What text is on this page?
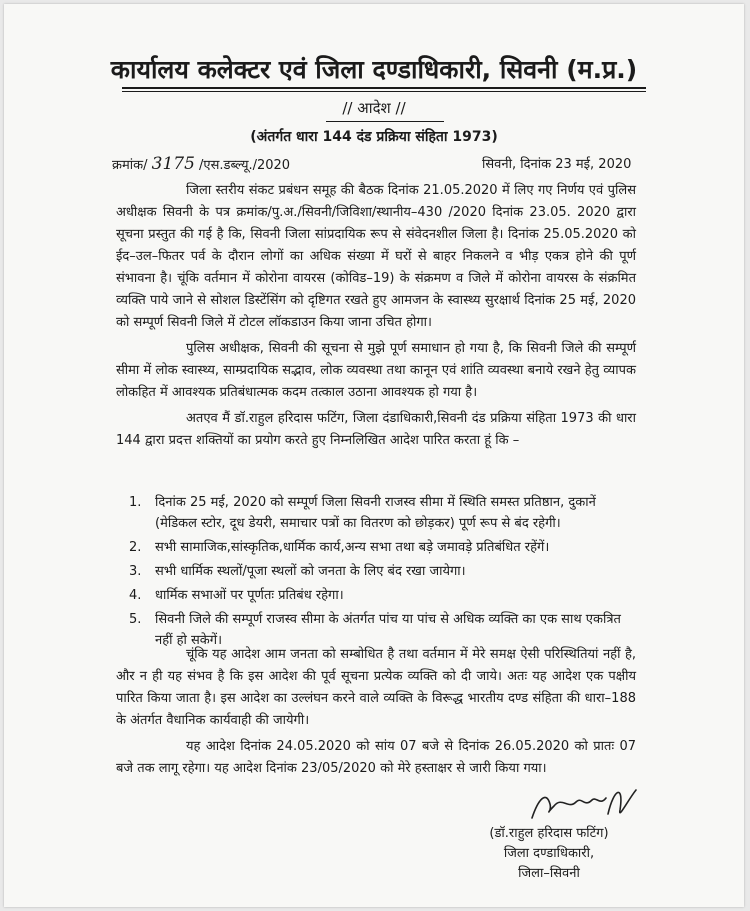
कार्यालय कलेक्टर एवं जिला दण्डाधिकारी, सिवनी (म.प्र.)
// आदेश //
(अंतर्गत धारा 144 दंड प्रक्रिया संहिता 1973)
क्रमांक/ 3175 /एस.डब्ल्यू./2020	सिवनी, दिनांक 23 मई, 2020

जिला स्तरीय संकट प्रबंधन समूह की बैठक दिनांक 21.05.2020 में लिए गए निर्णय एवं पुलिस अधीक्षक सिवनी के पत्र क्रमांक/पु.अ./सिवनी/जिविशा/स्थानीय–430 /2020 दिनांक 23.05. 2020 द्वारा सूचना प्रस्तुत की गई है कि, सिवनी जिला सांप्रदायिक रूप से संवेदनशील जिला है। दिनांक 25.05.2020 को ईद–उल–फितर पर्व के दौरान लोगों का अधिक संख्या में घरों से बाहर निकलने व भीड़ एकत्र होने की पूर्ण संभावना है। चूंकि वर्तमान में कोरोना वायरस (कोविड–19) के संक्रमण व जिले में कोरोना वायरस के संक्रमित व्यक्ति पाये जाने से सोशल डिस्टेंसिंग को दृष्टिगत रखते हुए आमजन के स्वास्थ्य सुरक्षार्थ दिनांक 25 मई, 2020 को सम्पूर्ण सिवनी जिले में टोटल लॉकडाउन किया जाना उचित होगा।

पुलिस अधीक्षक, सिवनी की सूचना से मुझे पूर्ण समाधान हो गया है, कि सिवनी जिले की सम्पूर्ण सीमा में लोक स्वास्थ्य, साम्प्रदायिक सद्भाव, लोक व्यवस्था तथा कानून एवं शांति व्यवस्था बनाये रखने हेतु व्यापक लोकहित में आवश्यक प्रतिबंधात्मक कदम तत्काल उठाना आवश्यक हो गया है।

अतएव मैं डॉ.राहुल हरिदास फटिंग, जिला दंडाधिकारी,सिवनी दंड प्रक्रिया संहिता 1973 की धारा 144 द्वारा प्रदत्त शक्तियों का प्रयोग करते हुए निम्नलिखित आदेश पारित करता हूं कि –

1. दिनांक 25 मई, 2020 को सम्पूर्ण जिला सिवनी राजस्व सीमा में स्थिति समस्त प्रतिष्ठान, दुकानें (मेडिकल स्टोर, दूध डेयरी, समाचार पत्रों का वितरण को छोड़कर) पूर्ण रूप से बंद रहेगी।
2. सभी सामाजिक,सांस्कृतिक,धार्मिक कार्य,अन्य सभा तथा बड़े जमावड़े प्रतिबंधित रहेंगें।
3. सभी धार्मिक स्थलों/पूजा स्थलों को जनता के लिए बंद रखा जायेगा।
4. धार्मिक सभाओं पर पूर्णतः प्रतिबंध रहेगा।
5. सिवनी जिले की सम्पूर्ण राजस्व सीमा के अंतर्गत पांच या पांच से अधिक व्यक्ति का एक साथ एकत्रित नहीं हो सकेगें।

चूंकि यह आदेश आम जनता को सम्बोधित है तथा वर्तमान में मेरे समक्ष ऐसी परिस्थितियां नहीं है, और न ही यह संभव है कि इस आदेश की पूर्व सूचना प्रत्येक व्यक्ति को दी जाये। अतः यह आदेश एक पक्षीय पारित किया जाता है। इस आदेश का उल्लंघन करने वाले व्यक्ति के विरूद्ध भारतीय दण्ड संहिता की धारा–188 के अंतर्गत वैधानिक कार्यवाही की जायेगी।

यह आदेश दिनांक 24.05.2020 को सांय 07 बजे से दिनांक 26.05.2020 को प्रातः 07 बजे तक लागू रहेगा। यह आदेश दिनांक 23/05/2020 को मेरे हस्ताक्षर से जारी किया गया।

(डॉ.राहुल हरिदास फटिंग)
जिला दण्डाधिकारी,
जिला–सिवनी
